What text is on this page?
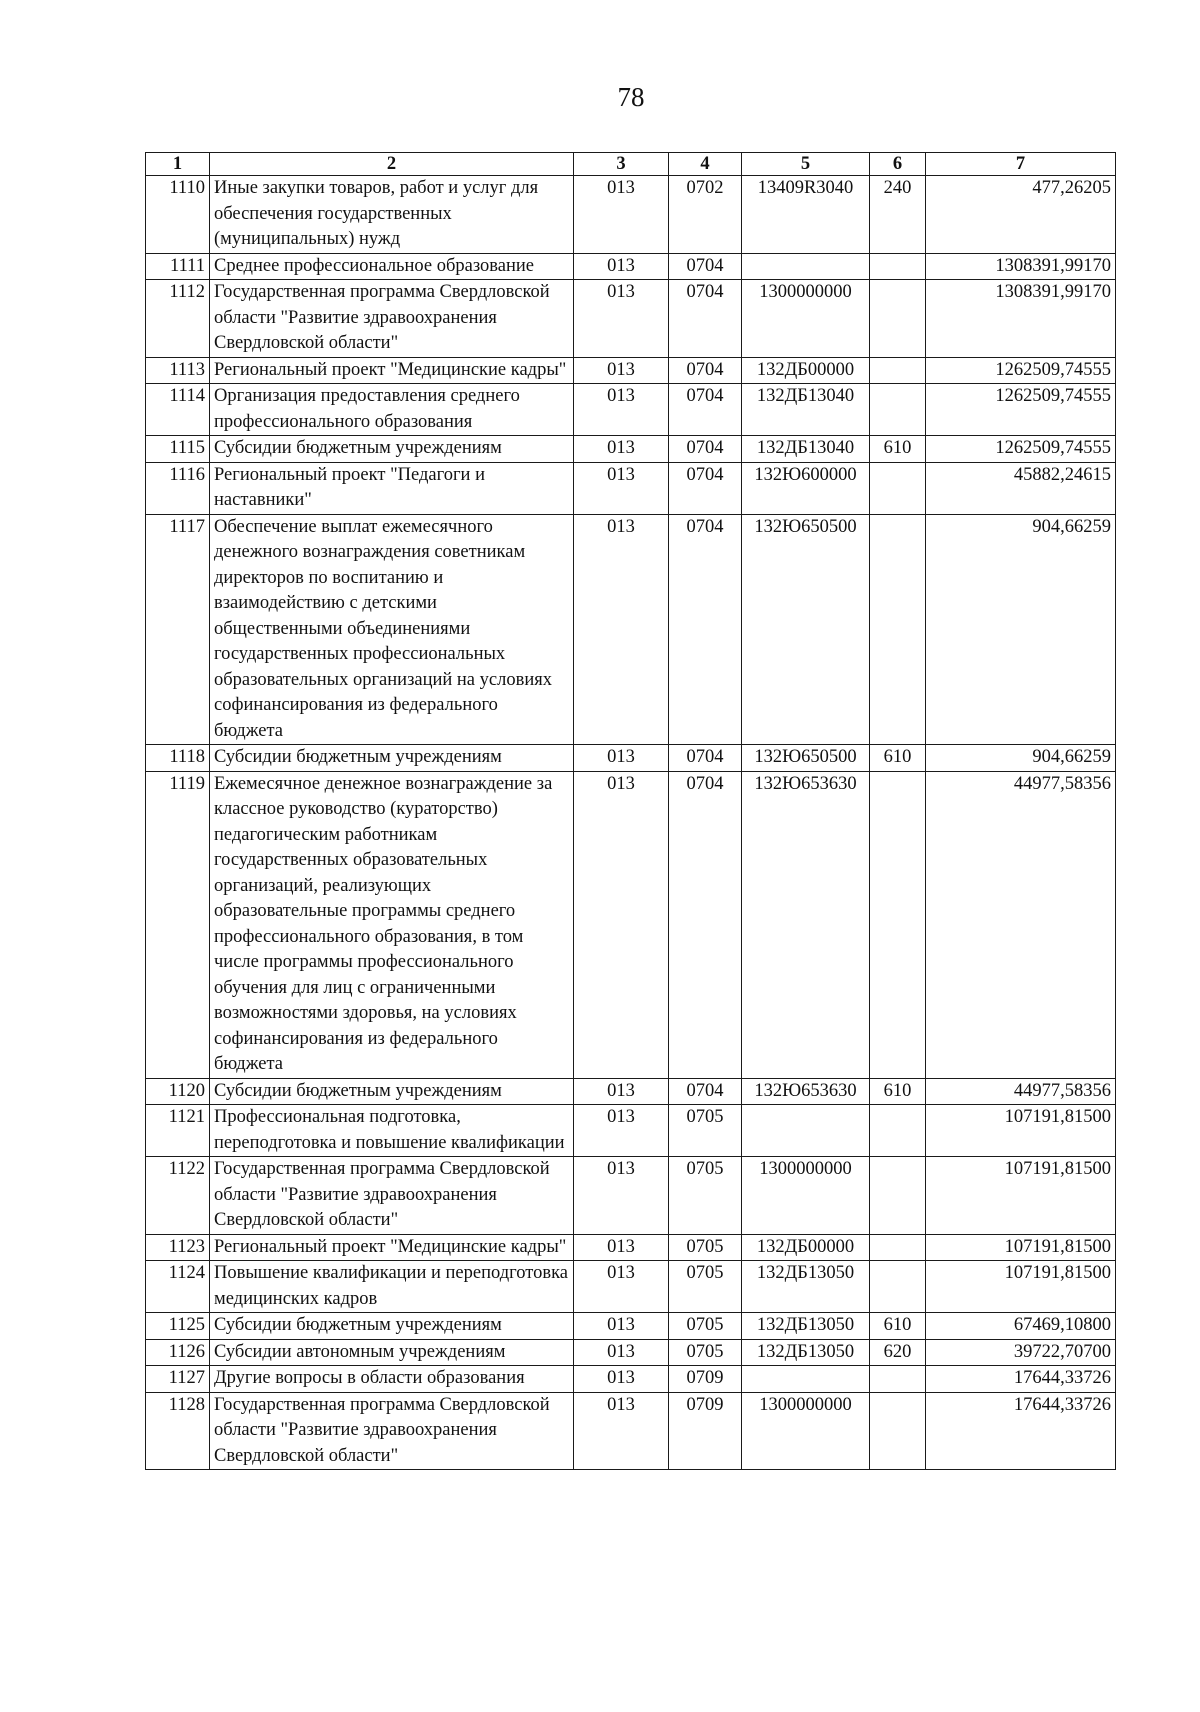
78
1	2	3	4	5	6	7
1110	Иные закупки товаров, работ и услуг для обеспечения государственных (муниципальных) нужд	013	0702	13409R3040	240	477,26205
1111	Среднее профессиональное образование	013	0704			1308391,99170
1112	Государственная программа Свердловской области "Развитие здравоохранения Свердловской области"	013	0704	1300000000		1308391,99170
1113	Региональный проект "Медицинские кадры"	013	0704	132ДБ00000		1262509,74555
1114	Организация предоставления среднего профессионального образования	013	0704	132ДБ13040		1262509,74555
1115	Субсидии бюджетным учреждениям	013	0704	132ДБ13040	610	1262509,74555
1116	Региональный проект "Педагоги и наставники"	013	0704	132Ю600000		45882,24615
1117	Обеспечение выплат ежемесячного денежного вознаграждения советникам директоров по воспитанию и взаимодействию с детскими общественными объединениями государственных профессиональных образовательных организаций на условиях софинансирования из федерального бюджета	013	0704	132Ю650500		904,66259
1118	Субсидии бюджетным учреждениям	013	0704	132Ю650500	610	904,66259
1119	Ежемесячное денежное вознаграждение за классное руководство (кураторство) педагогическим работникам государственных образовательных организаций, реализующих образовательные программы среднего профессионального образования, в том числе программы профессионального обучения для лиц с ограниченными возможностями здоровья, на условиях софинансирования из федерального бюджета	013	0704	132Ю653630		44977,58356
1120	Субсидии бюджетным учреждениям	013	0704	132Ю653630	610	44977,58356
1121	Профессиональная подготовка, переподготовка и повышение квалификации	013	0705			107191,81500
1122	Государственная программа Свердловской области "Развитие здравоохранения Свердловской области"	013	0705	1300000000		107191,81500
1123	Региональный проект "Медицинские кадры"	013	0705	132ДБ00000		107191,81500
1124	Повышение квалификации и переподготовка медицинских кадров	013	0705	132ДБ13050		107191,81500
1125	Субсидии бюджетным учреждениям	013	0705	132ДБ13050	610	67469,10800
1126	Субсидии автономным учреждениям	013	0705	132ДБ13050	620	39722,70700
1127	Другие вопросы в области образования	013	0709			17644,33726
1128	Государственная программа Свердловской области "Развитие здравоохранения Свердловской области"	013	0709	1300000000		17644,33726
